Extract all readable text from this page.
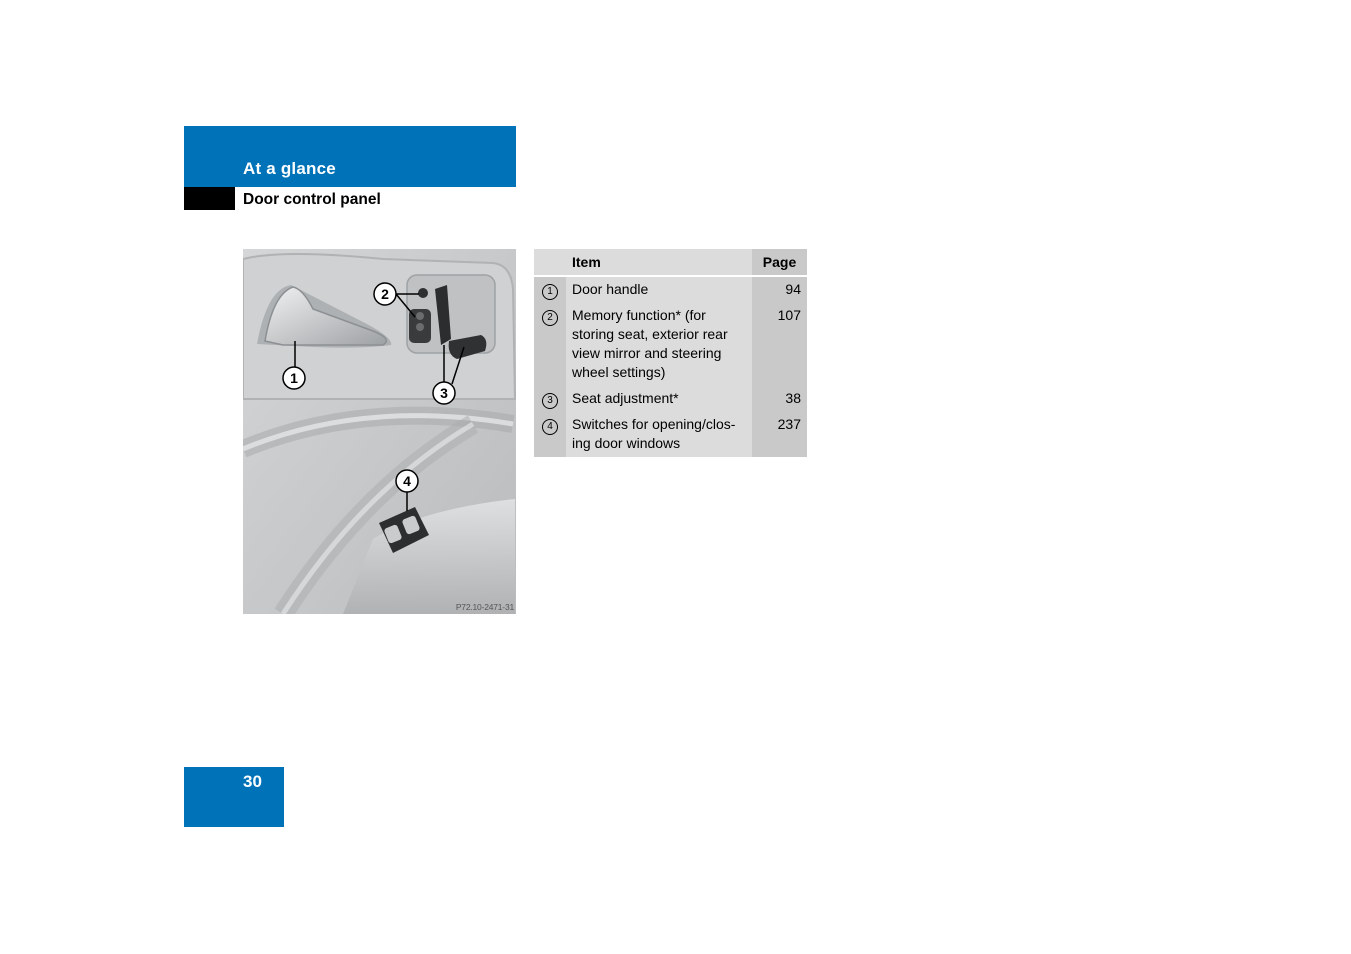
At a glance
Door control panel
1
2
3
4
P72.10-2471-31
	Item	Page
1	Door handle	94
2	Memory function* (for storing seat, exterior rear view mirror and steering wheel settings)	107
3	Seat adjustment*	38
4	Switches for opening/clos-ing door windows	237
30
